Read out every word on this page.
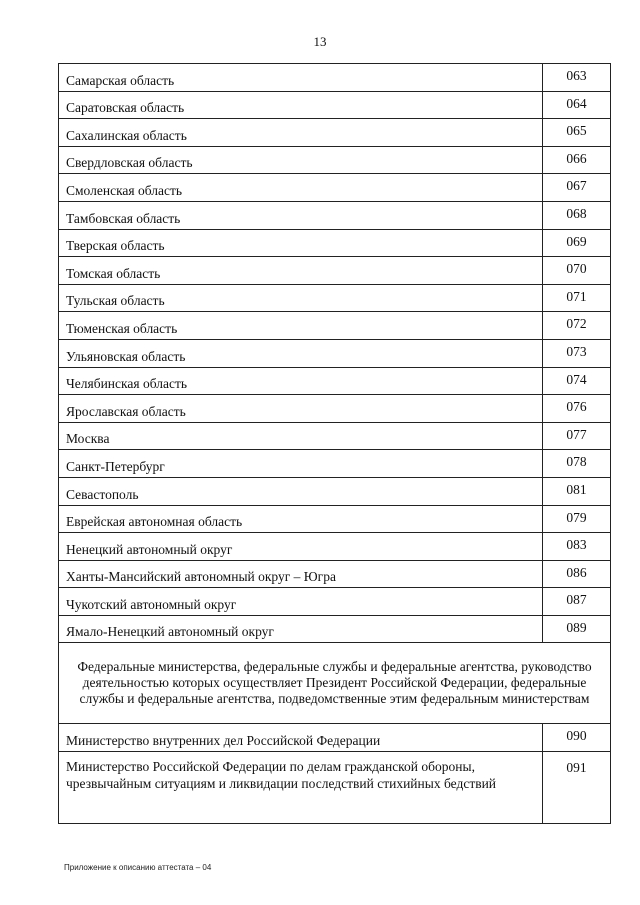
13
Самарская область	063
Саратовская область	064
Сахалинская область	065
Свердловская область	066
Смоленская область	067
Тамбовская область	068
Тверская область	069
Томская область	070
Тульская область	071
Тюменская область	072
Ульяновская область	073
Челябинская область	074
Ярославская область	076
Москва	077
Санкт-Петербург	078
Севастополь	081
Еврейская автономная область	079
Ненецкий автономный округ	083
Ханты-Мансийский автономный округ – Югра	086
Чукотский автономный округ	087
Ямало-Ненецкий автономный округ	089
Федеральные министерства, федеральные службы и федеральные агентства, руководство деятельностью которых осуществляет Президент Российской Федерации, федеральные службы и федеральные агентства, подведомственные этим федеральным министерствам	
Министерство внутренних дел Российской Федерации	090
Министерство Российской Федерации по делам гражданской обороны, чрезвычайным ситуациям и ликвидации последствий стихийных бедствий	091
Приложение к описанию аттестата – 04
